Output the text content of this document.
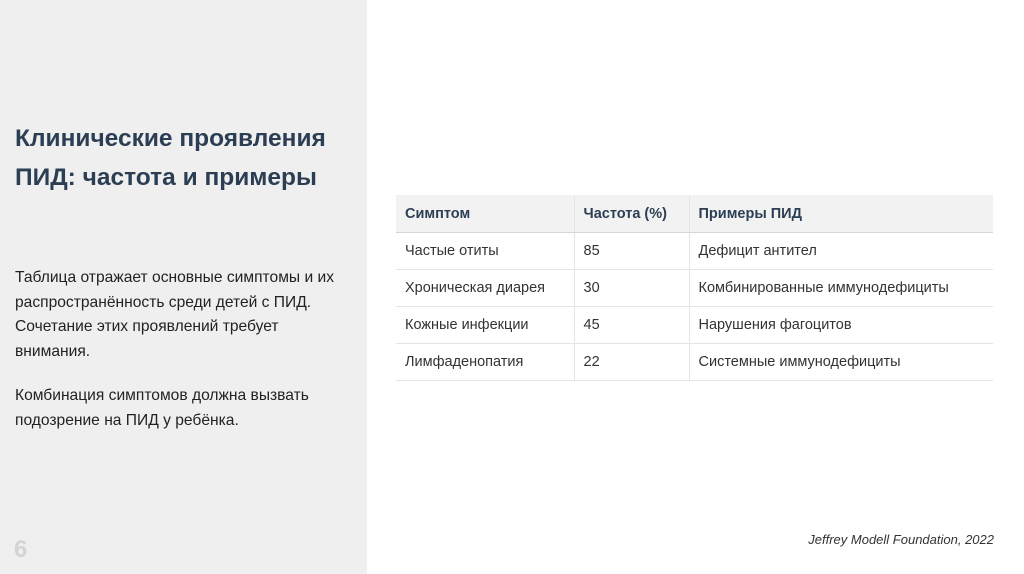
Клинические проявления ПИД: частота и примеры

Таблица отражает основные симптомы и их распространённость среди детей с ПИД. Сочетание этих проявлений требует внимания.

Комбинация симптомов должна вызвать подозрение на ПИД у ребёнка.

6
Симптом	Частота (%)	Примеры ПИД
Частые отиты	85	Дефицит антител
Хроническая диарея	30	Комбинированные иммунодефициты
Кожные инфекции	45	Нарушения фагоцитов
Лимфаденопатия	22	Системные иммунодефициты
Jeffrey Modell Foundation, 2022
